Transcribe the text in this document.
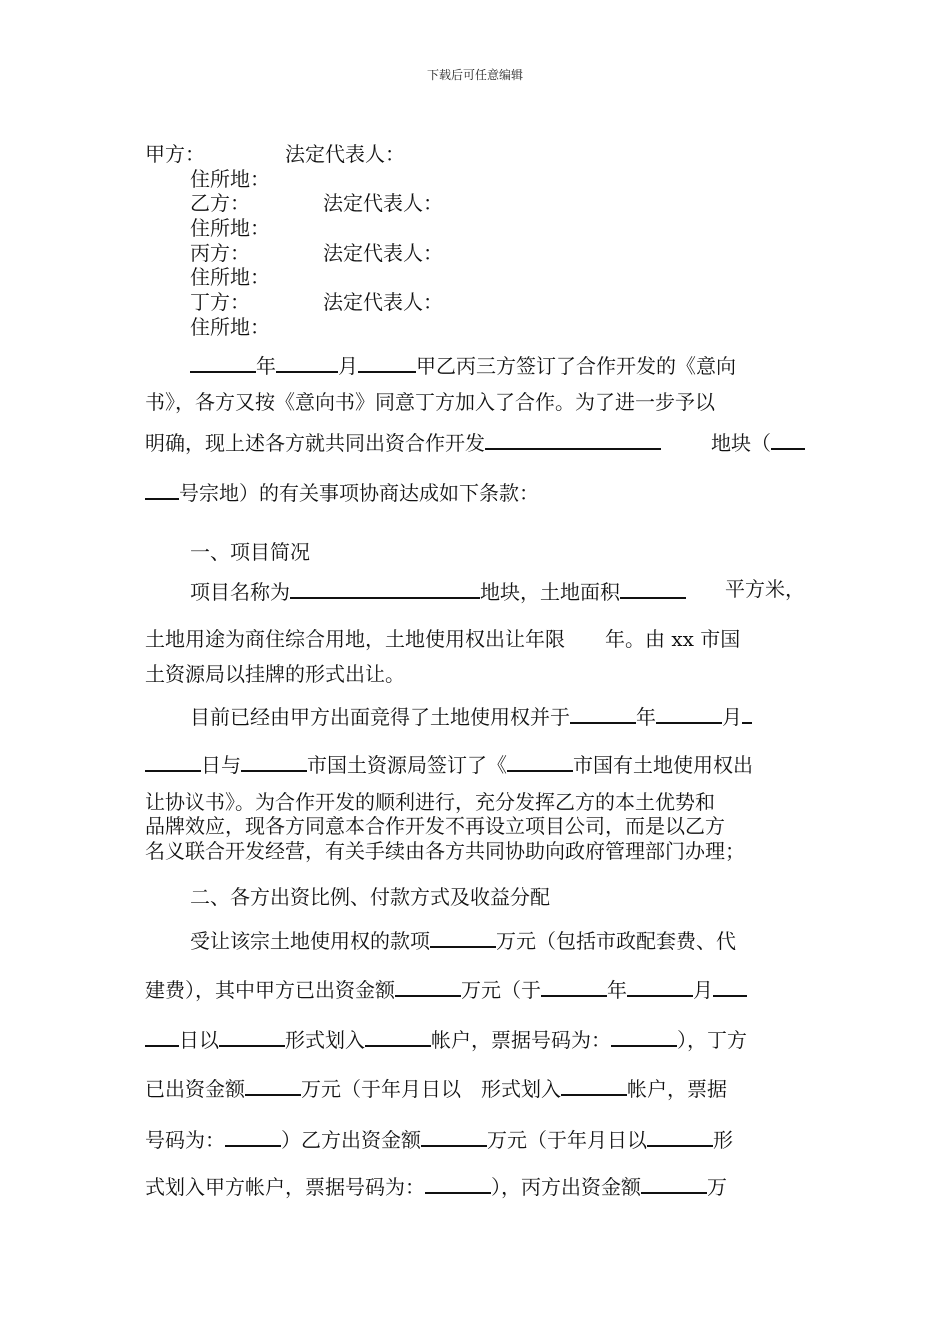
下载后可任意编辑
甲方：	法定代表人：
住所地：
乙方：	法定代表人：
住所地：
丙方：	法定代表人：
住所地：
丁方：	法定代表人：
住所地：
年	月	甲乙丙三方签订了合作开发的《意向
书》，各方又按《意向书》同意丁方加入了合作。为了进一步予以
明确，现上述各方就共同出资合作开发	地块（
号宗地）的有关事项协商达成如下条款：
一、项目简况
项目名称为	地块，土地面积	平方米，
土地用途为商住综合用地，土地使用权出让年限　　年。由 xx 市国
土资源局以挂牌的形式出让。
目前已经由甲方出面竞得了土地使用权并于	年	月
日与	市国土资源局签订了《	市国有土地使用权出
让协议书》。为合作开发的顺利进行，充分发挥乙方的本土优势和
品牌效应，现各方同意本合作开发不再设立项目公司，而是以乙方
名义联合开发经营，有关手续由各方共同协助向政府管理部门办理；
二、各方出资比例、付款方式及收益分配
受让该宗土地使用权的款项	万元（包括市政配套费、代
建费），其中甲方已出资金额	万元（于	年	月
日以	形式划入	帐户，票据号码为：	），丁方
已出资金额	万元（于年月日以　形式划入	帐户，票据
号码为：	）乙方出资金额	万元（于年月日以	形
式划入甲方帐户，票据号码为：	），丙方出资金额	万
